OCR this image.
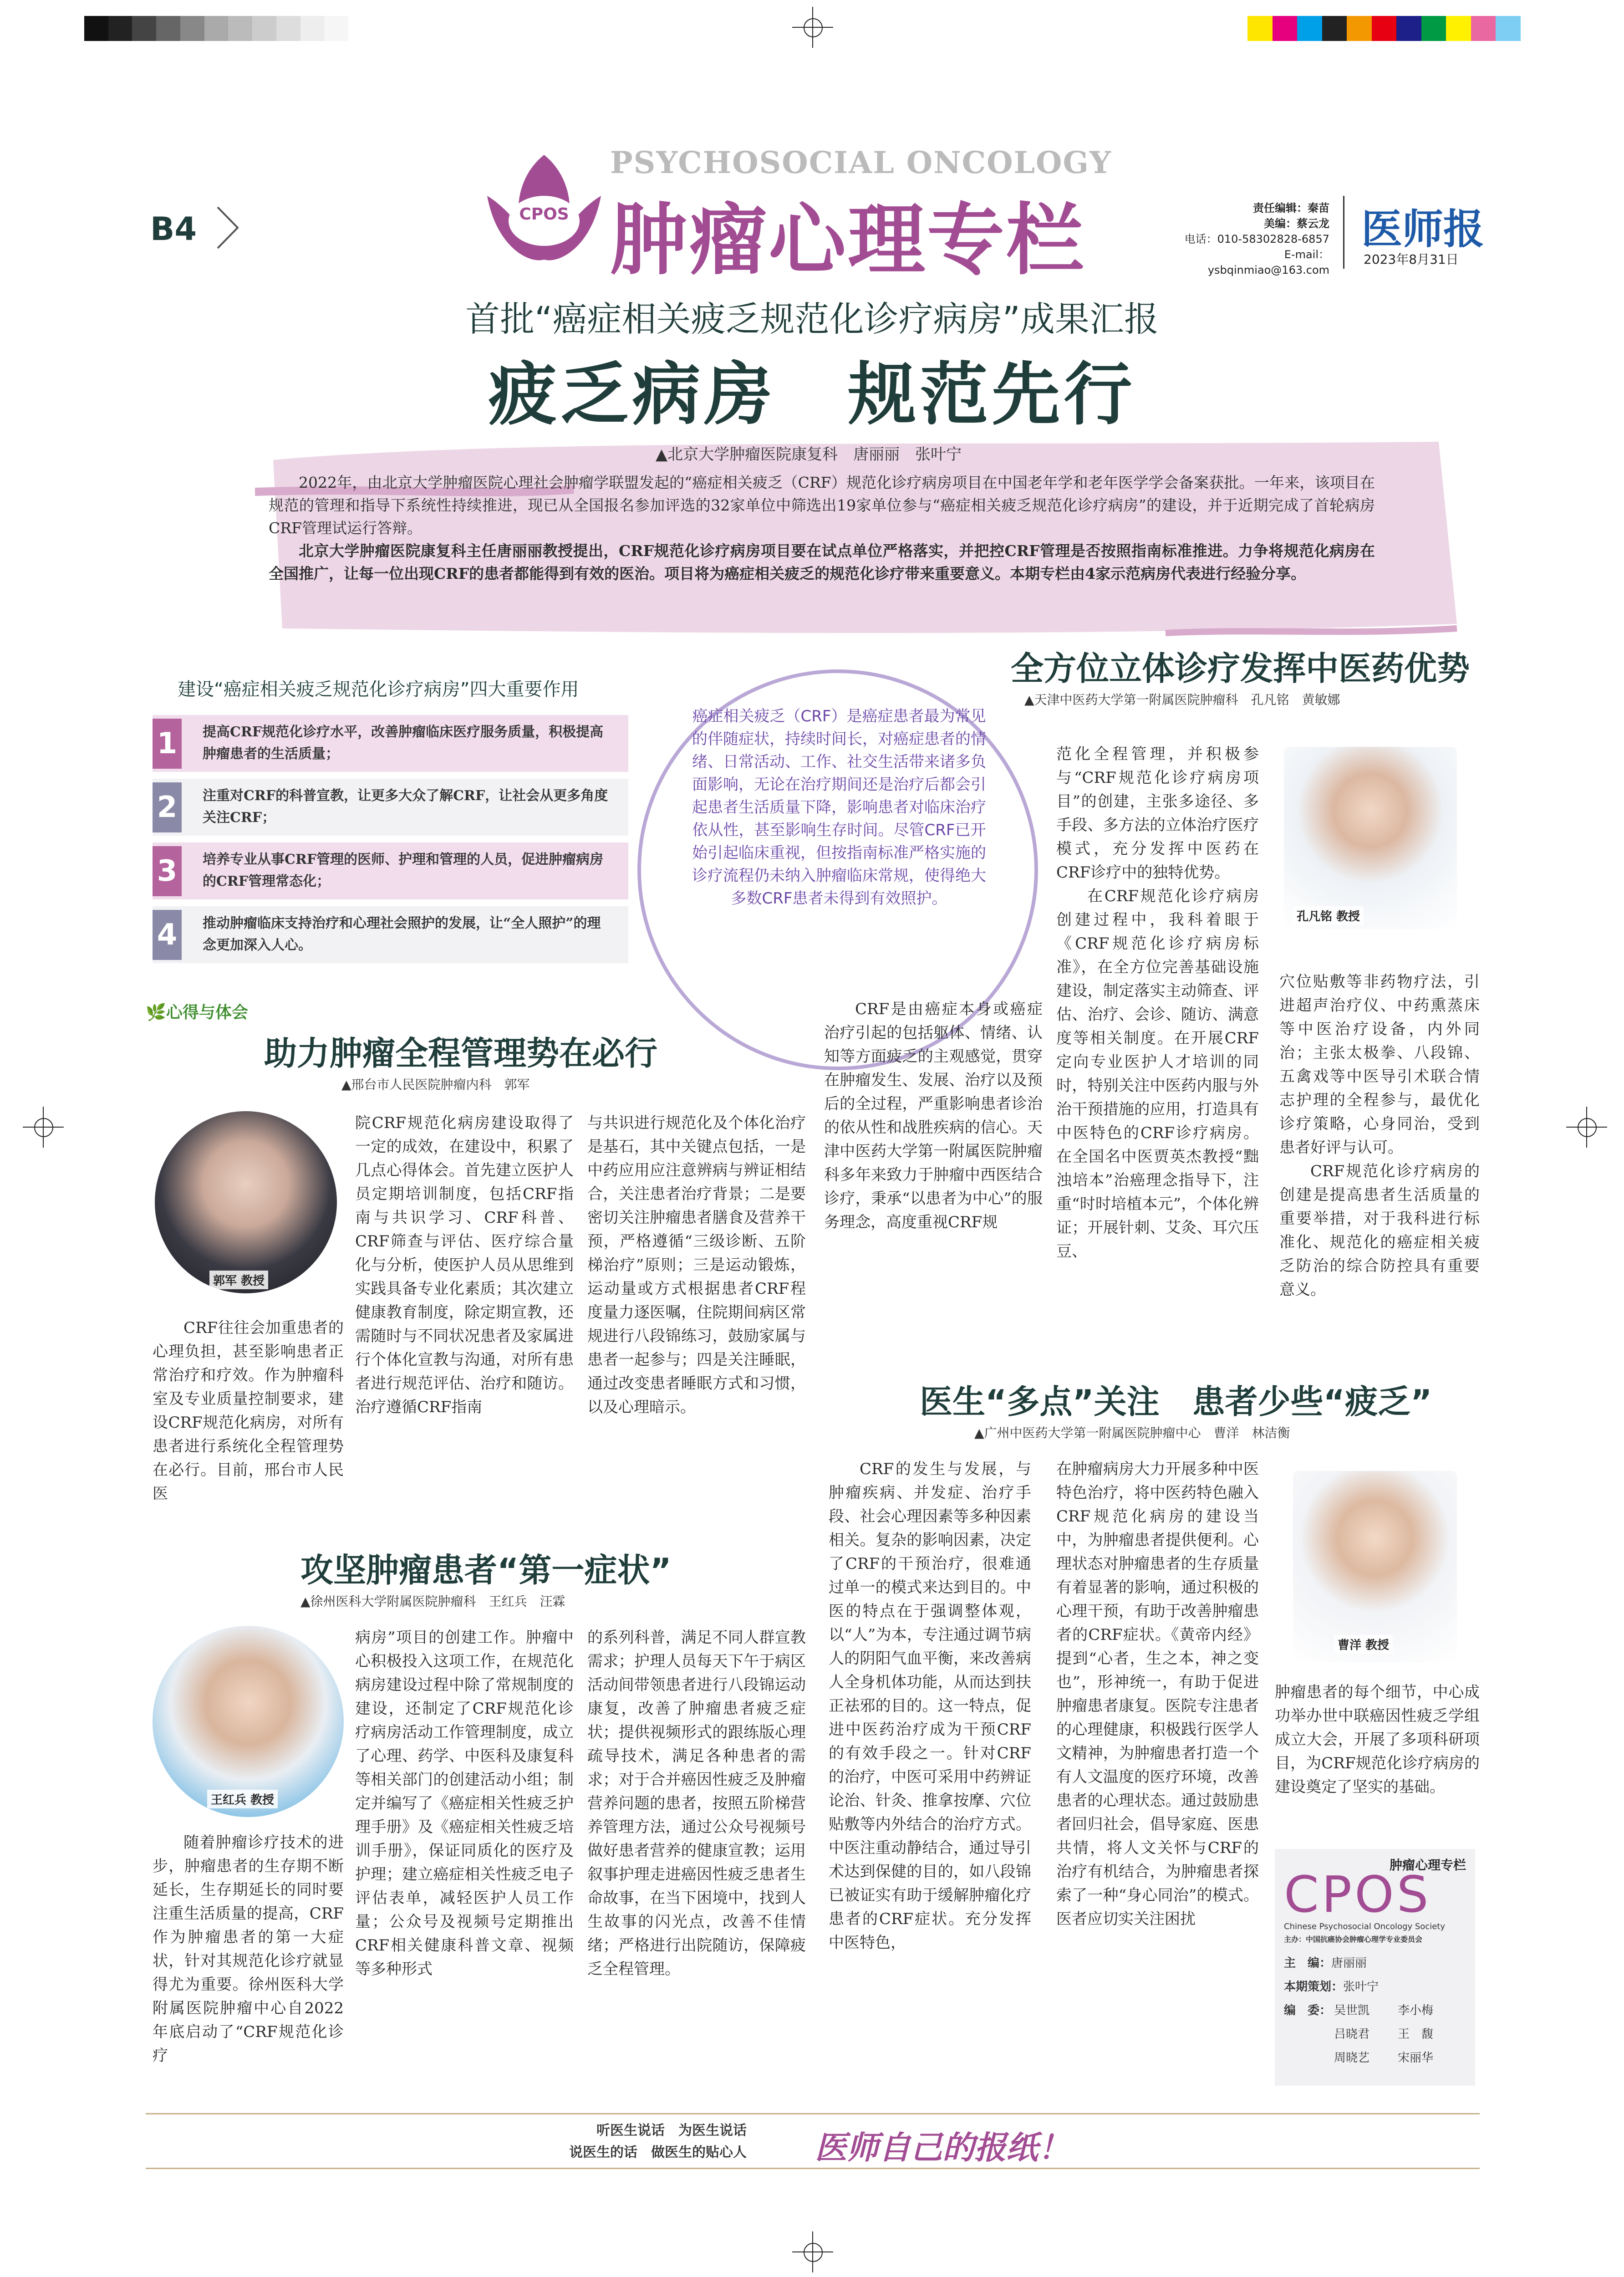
B4	CPOS
PSYCHOSOCIAL ONCOLOGY
肿瘤心理专栏	责任编辑：秦苗
美编：蔡云龙
电话：010-58302828-6857
E-mail：ysbqinmiao@163.com
医师报
2023年8月31日
首批“癌症相关疲乏规范化诊疗病房”成果汇报
疲乏病房　规范先行
▲北京大学肿瘤医院康复科　唐丽丽　张叶宁

2022年，由北京大学肿瘤医院心理社会肿瘤学联盟发起的“癌症相关疲乏（CRF）规范化诊疗病房项目在中国老年学和老年医学学会备案获批。一年来，该项目在规范的管理和指导下系统性持续推进，现已从全国报名参加评选的32家单位中筛选出19家单位参与“癌症相关疲乏规范化诊疗病房”的建设，并于近期完成了首轮病房CRF管理试运行答辩。

北京大学肿瘤医院康复科主任唐丽丽教授提出，CRF规范化诊疗病房项目要在试点单位严格落实，并把控CRF管理是否按照指南标准推进。力争将规范化病房在全国推广，让每一位出现CRF的患者都能得到有效的医治。项目将为癌症相关疲乏的规范化诊疗带来重要意义。本期专栏由4家示范病房代表进行经验分享。

建设“癌症相关疲乏规范化诊疗病房”四大重要作用
1	提高CRF规范化诊疗水平，改善肿瘤临床医疗服务质量，积极提高肿瘤患者的生活质量；
2	注重对CRF的科普宣教，让更多大众了解CRF，让社会从更多角度关注CRF；
3	培养专业从事CRF管理的医师、护理和管理的人员，促进肿瘤病房的CRF管理常态化；
4	推动肿瘤临床支持治疗和心理社会照护的发展，让“全人照护”的理念更加深入人心。
癌症相关疲乏（CRF）是癌症患者最为常见的伴随症状，持续时间长，对癌症患者的情绪、日常活动、工作、社交生活带来诸多负面影响，无论在治疗期间还是治疗后都会引起患者生活质量下降，影响患者对临床治疗依从性，甚至影响生存时间。尽管CRF已开始引起临床重视，但按指南标准严格实施的诊疗流程仍未纳入肿瘤临床常规，使得绝大多数CRF患者未得到有效照护。
🌿心得与体会
助力肿瘤全程管理势在必行
▲邢台市人民医院肿瘤内科　郭军
郭军 教授

CRF往往会加重患者的心理负担，甚至影响患者正常治疗和疗效。作为肿瘤科室及专业质量控制要求，建设CRF规范化病房，对所有患者进行系统化全程管理势在必行。目前，邢台市人民医

院CRF规范化病房建设取得了一定的成效，在建设中，积累了几点心得体会。首先建立医护人员定期培训制度，包括CRF指南与共识学习、CRF科普、CRF筛查与评估、医疗综合量化与分析，使医护人员从思维到实践具备专业化素质；其次建立健康教育制度，除定期宣教，还需随时与不同状况患者及家属进行个体化宣教与沟通，对所有患者进行规范评估、治疗和随访。治疗遵循CRF指南

与共识进行规范化及个体化治疗是基石，其中关键点包括，一是中药应用应注意辨病与辨证相结合，关注患者治疗背景；二是要密切关注肿瘤患者膳食及营养干预，严格遵循“三级诊断、五阶梯治疗”原则；三是运动锻炼，运动量或方式根据患者CRF程度量力逐医嘱，住院期间病区常规进行八段锦练习，鼓励家属与患者一起参与；四是关注睡眠，通过改变患者睡眠方式和习惯，以及心理暗示。

全方位立体诊疗发挥中医药优势
▲天津中医药大学第一附属医院肿瘤科　孔凡铭　黄敏娜

CRF是由癌症本身或癌症治疗引起的包括躯体、情绪、认知等方面疲乏的主观感觉，贯穿在肿瘤发生、发展、治疗以及预后的全过程，严重影响患者诊治的依从性和战胜疾病的信心。天津中医药大学第一附属医院肿瘤科多年来致力于肿瘤中西医结合诊疗，秉承“以患者为中心”的服务理念，高度重视CRF规

范化全程管理，并积极参与“CRF规范化诊疗病房项目”的创建，主张多途径、多手段、多方法的立体治疗医疗模式，充分发挥中医药在CRF诊疗中的独特优势。

在CRF规范化诊疗病房创建过程中，我科着眼于《CRF规范化诊疗病房标准》，在全方位完善基础设施建设，制定落实主动筛查、评估、治疗、会诊、随访、满意度等相关制度。在开展CRF定向专业医护人才培训的同时，特别关注中医药内服与外治干预措施的应用，打造具有中医特色的CRF诊疗病房。在全国名中医贾英杰教授“黜浊培本”治癌理念指导下，注重“时时培植本元”，个体化辨证；开展针刺、艾灸、耳穴压豆、

孔凡铭 教授

穴位贴敷等非药物疗法，引进超声治疗仪、中药熏蒸床等中医治疗设备，内外同治；主张太极拳、八段锦、五禽戏等中医导引术联合情志护理的全程参与，最优化诊疗策略，心身同治，受到患者好评与认可。

CRF规范化诊疗病房的创建是提高患者生活质量的重要举措，对于我科进行标准化、规范化的癌症相关疲乏防治的综合防控具有重要意义。

攻坚肿瘤患者“第一症状”
▲徐州医科大学附属医院肿瘤科　王红兵　汪霖
王红兵 教授

随着肿瘤诊疗技术的进步，肿瘤患者的生存期不断延长，生存期延长的同时要注重生活质量的提高，CRF作为肿瘤患者的第一大症状，针对其规范化诊疗就显得尤为重要。徐州医科大学附属医院肿瘤中心自2022年底启动了“CRF规范化诊疗

病房”项目的创建工作。肿瘤中心积极投入这项工作，在规范化病房建设过程中除了常规制度的建设，还制定了CRF规范化诊疗病房活动工作管理制度，成立了心理、药学、中医科及康复科等相关部门的创建活动小组；制定并编写了《癌症相关性疲乏护理手册》及《癌症相关性疲乏培训手册》，保证同质化的医疗及护理；建立癌症相关性疲乏电子评估表单，减轻医护人员工作量；公众号及视频号定期推出CRF相关健康科普文章、视频等多种形式

的系列科普，满足不同人群宣教需求；护理人员每天下午于病区活动间带领患者进行八段锦运动康复，改善了肿瘤患者疲乏症状；提供视频形式的跟练版心理疏导技术，满足各种患者的需求；对于合并癌因性疲乏及肿瘤营养问题的患者，按照五阶梯营养管理方法，通过公众号视频号做好患者营养的健康宣教；运用叙事护理走进癌因性疲乏患者生命故事，在当下困境中，找到人生故事的闪光点，改善不佳情绪；严格进行出院随访，保障疲乏全程管理。

医生“多点”关注　患者少些“疲乏”
▲广州中医药大学第一附属医院肿瘤中心　曹洋　林洁衡

CRF的发生与发展，与肿瘤疾病、并发症、治疗手段、社会心理因素等多种因素相关。复杂的影响因素，决定了CRF的干预治疗，很难通过单一的模式来达到目的。中医的特点在于强调整体观，以“人”为本，专注通过调节病人的阴阳气血平衡，来改善病人全身机体功能，从而达到扶正祛邪的目的。这一特点，促进中医药治疗成为干预CRF的有效手段之一。针对CRF的治疗，中医可采用中药辨证论治、针灸、推拿按摩、穴位贴敷等内外结合的治疗方式。中医注重动静结合，通过导引术达到保健的目的，如八段锦已被证实有助于缓解肿瘤化疗患者的CRF症状。充分发挥中医特色，

在肿瘤病房大力开展多种中医特色治疗，将中医药特色融入CRF规范化病房的建设当中，为肿瘤患者提供便利。心理状态对肿瘤患者的生存质量有着显著的影响，通过积极的心理干预，有助于改善肿瘤患者的CRF症状。《黄帝内经》提到“心者，生之本，神之变也”，形神统一，有助于促进肿瘤患者康复。医院专注患者的心理健康，积极践行医学人文精神，为肿瘤患者打造一个有人文温度的医疗环境，改善患者的心理状态。通过鼓励患者回归社会，倡导家庭、医患共情，将人文关怀与CRF的治疗有机结合，为肿瘤患者探索了一种“身心同治”的模式。医者应切实关注困扰

曹洋 教授

肿瘤患者的每个细节，中心成功举办世中联癌因性疲乏学组成立大会，开展了多项科研项目，为CRF规范化诊疗病房的建设奠定了坚实的基础。

肿瘤心理专栏
CPOS
Chinese Psychosocial Oncology Society
主办：中国抗癌协会肿瘤心理学专业委员会
主　编：唐丽丽
本期策划：张叶宁
编　委： 吴世凯	李小梅
吕晓君	王　馥
周晓艺	宋丽华
听医生说话　为医生说话
说医生的话　做医生的贴心人 医师自己的报纸！
